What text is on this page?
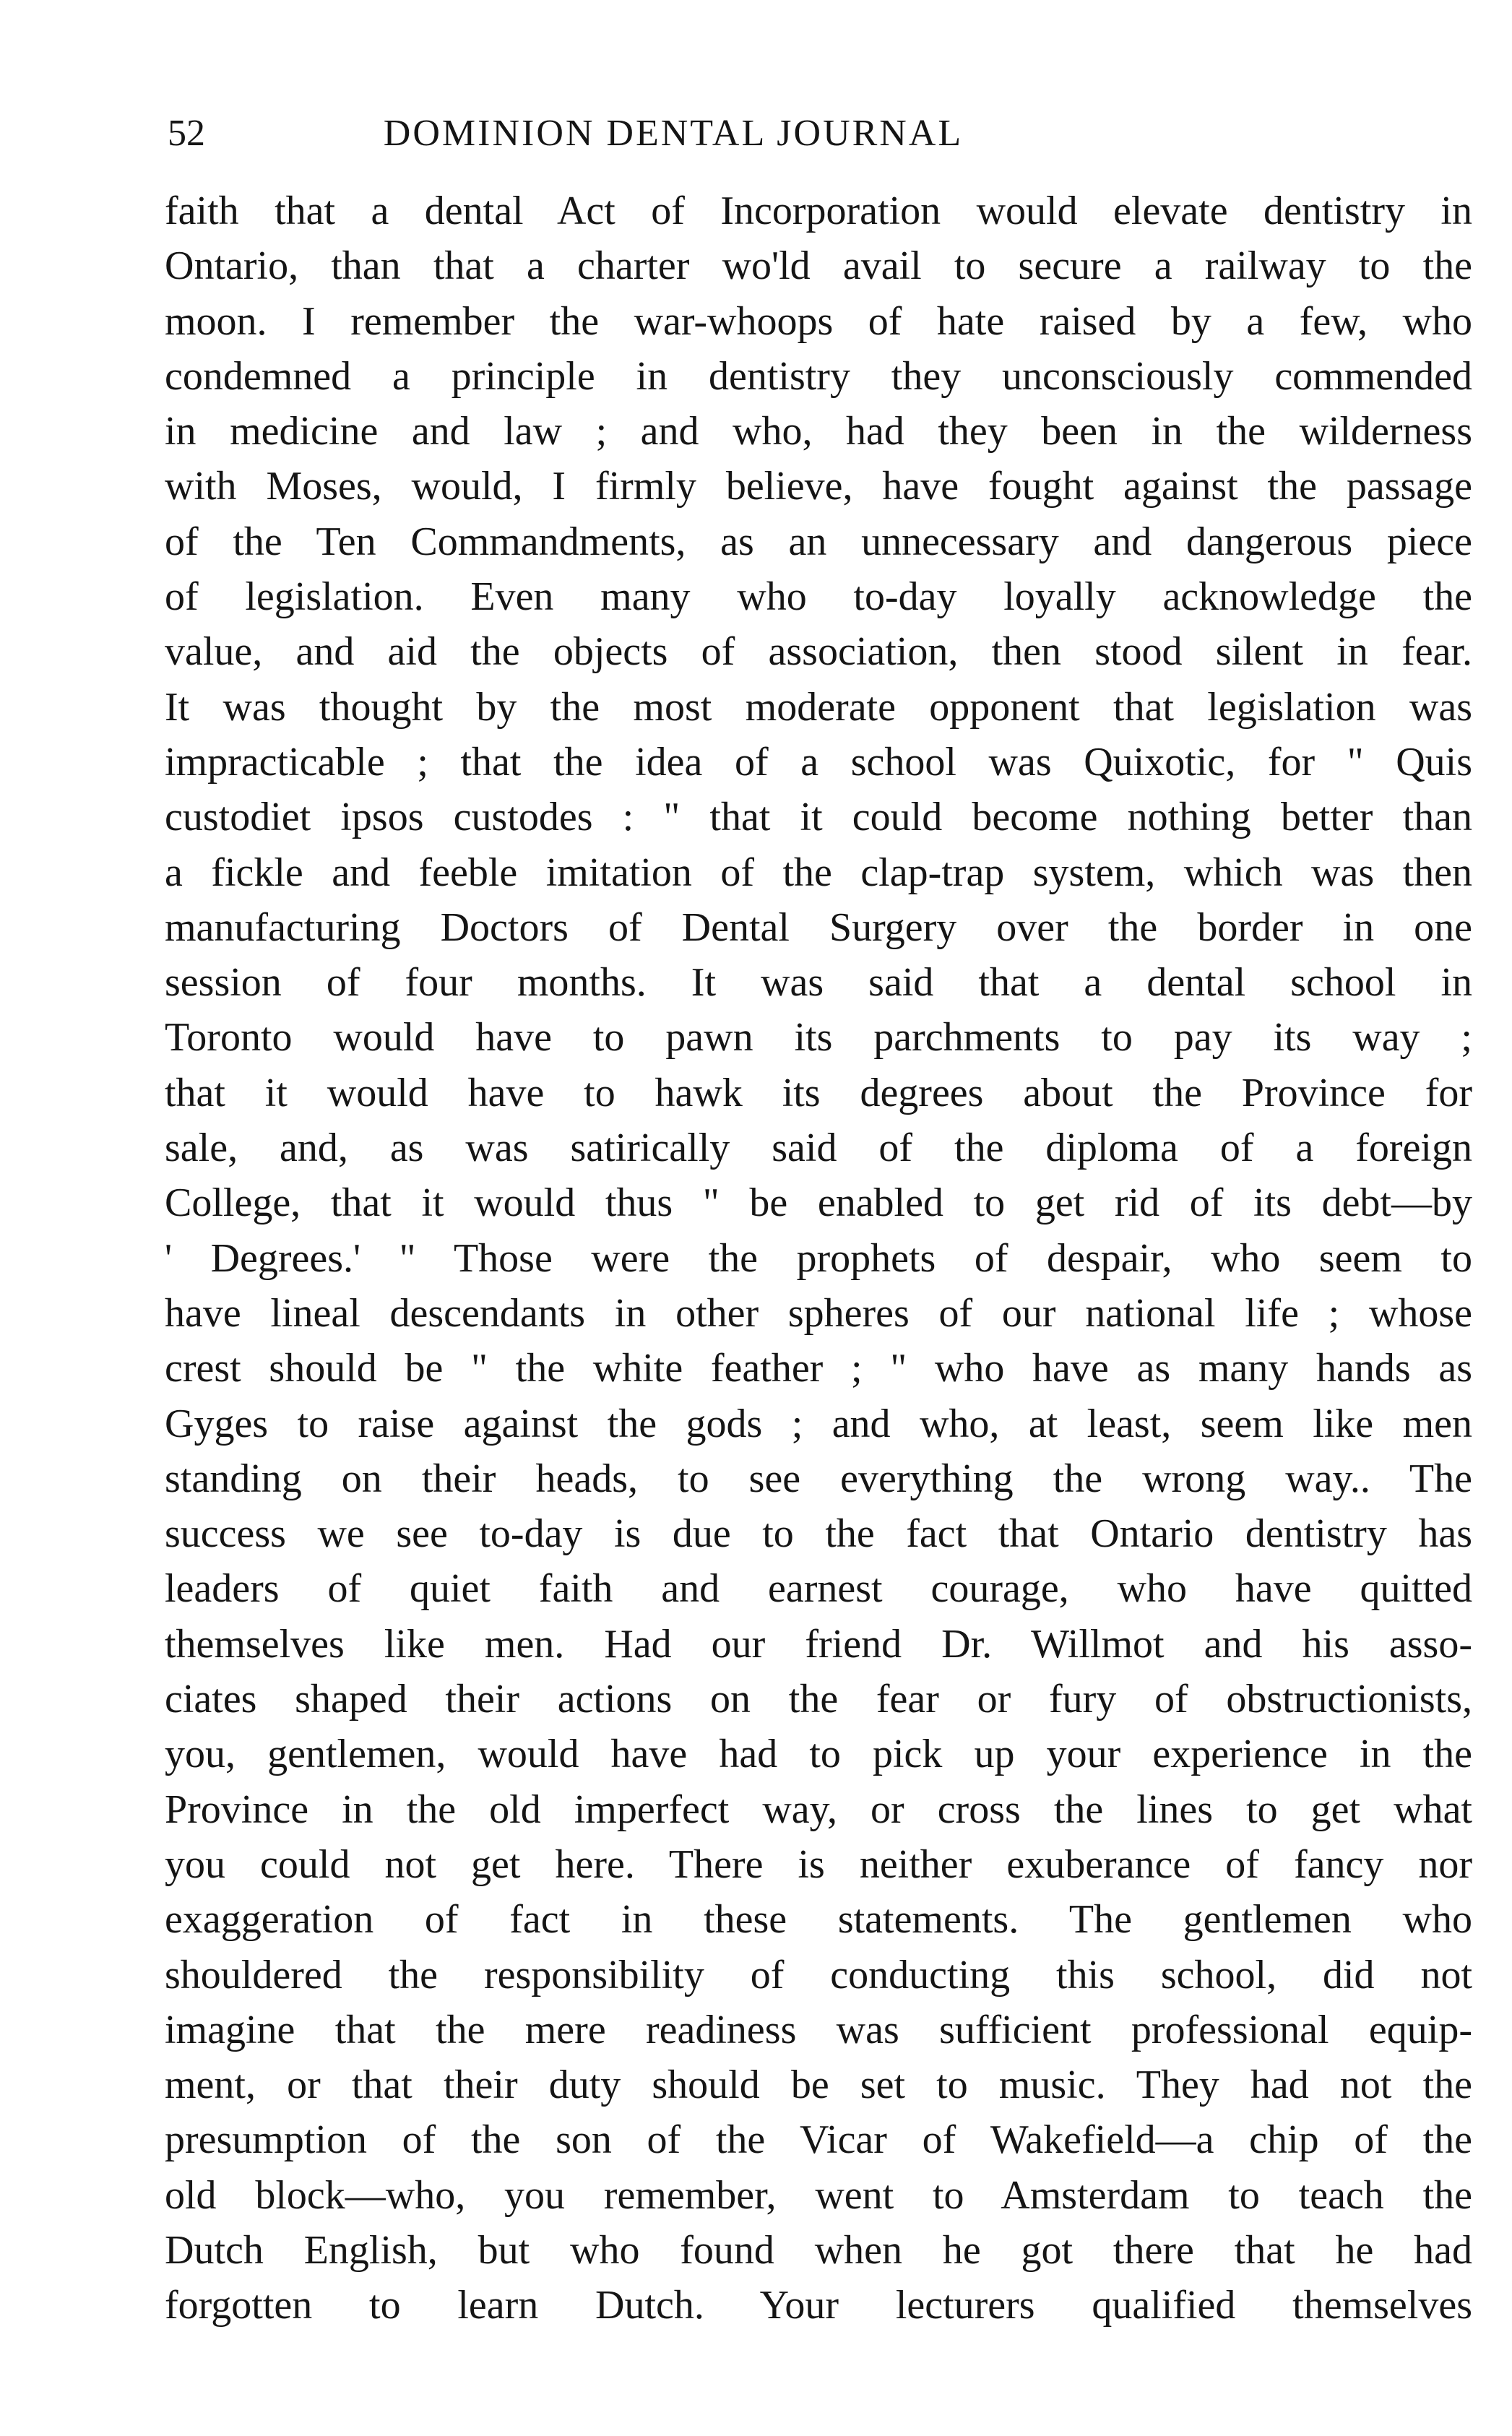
52	DOMINION DENTAL JOURNAL
faith that a dental Act of Incorporation would elevate dentistry in
Ontario, than that a charter wo'ld avail to secure a railway to the
moon. I remember the war-whoops of hate raised by a few, who
condemned a principle in dentistry they unconsciously commended
in medicine and law ; and who, had they been in the wilderness
with Moses, would, I firmly believe, have fought against the passage
of the Ten Commandments, as an unnecessary and dangerous piece
of legislation. Even many who to-day loyally acknowledge the
value, and aid the objects of association, then stood silent in fear.
It was thought by the most moderate opponent that legislation was
impracticable ; that the idea of a school was Quixotic, for " Quis
custodiet ipsos custodes : " that it could become nothing better than
a fickle and feeble imitation of the clap-trap system, which was then
manufacturing Doctors of Dental Surgery over the border in one
session of four months. It was said that a dental school in
Toronto would have to pawn its parchments to pay its way ;
that it would have to hawk its degrees about the Province for
sale, and, as was satirically said of the diploma of a foreign
College, that it would thus " be enabled to get rid of its debt—by
' Degrees.' " Those were the prophets of despair, who seem to
have lineal descendants in other spheres of our national life ; whose
crest should be " the white feather ; " who have as many hands as
Gyges to raise against the gods ; and who, at least, seem like men
standing on their heads, to see everything the wrong way.. The
success we see to-day is due to the fact that Ontario dentistry has
leaders of quiet faith and earnest courage, who have quitted
themselves like men. Had our friend Dr. Willmot and his asso-
ciates shaped their actions on the fear or fury of obstructionists,
you, gentlemen, would have had to pick up your experience in the
Province in the old imperfect way, or cross the lines to get what
you could not get here. There is neither exuberance of fancy nor
exaggeration of fact in these statements. The gentlemen who
shouldered the responsibility of conducting this school, did not
imagine that the mere readiness was sufficient professional equip-
ment, or that their duty should be set to music. They had not the
presumption of the son of the Vicar of Wakefield—a chip of the
old block—who, you remember, went to Amsterdam to teach the
Dutch English, but who found when he got there that he had
forgotten to learn Dutch. Your lecturers qualified themselves
